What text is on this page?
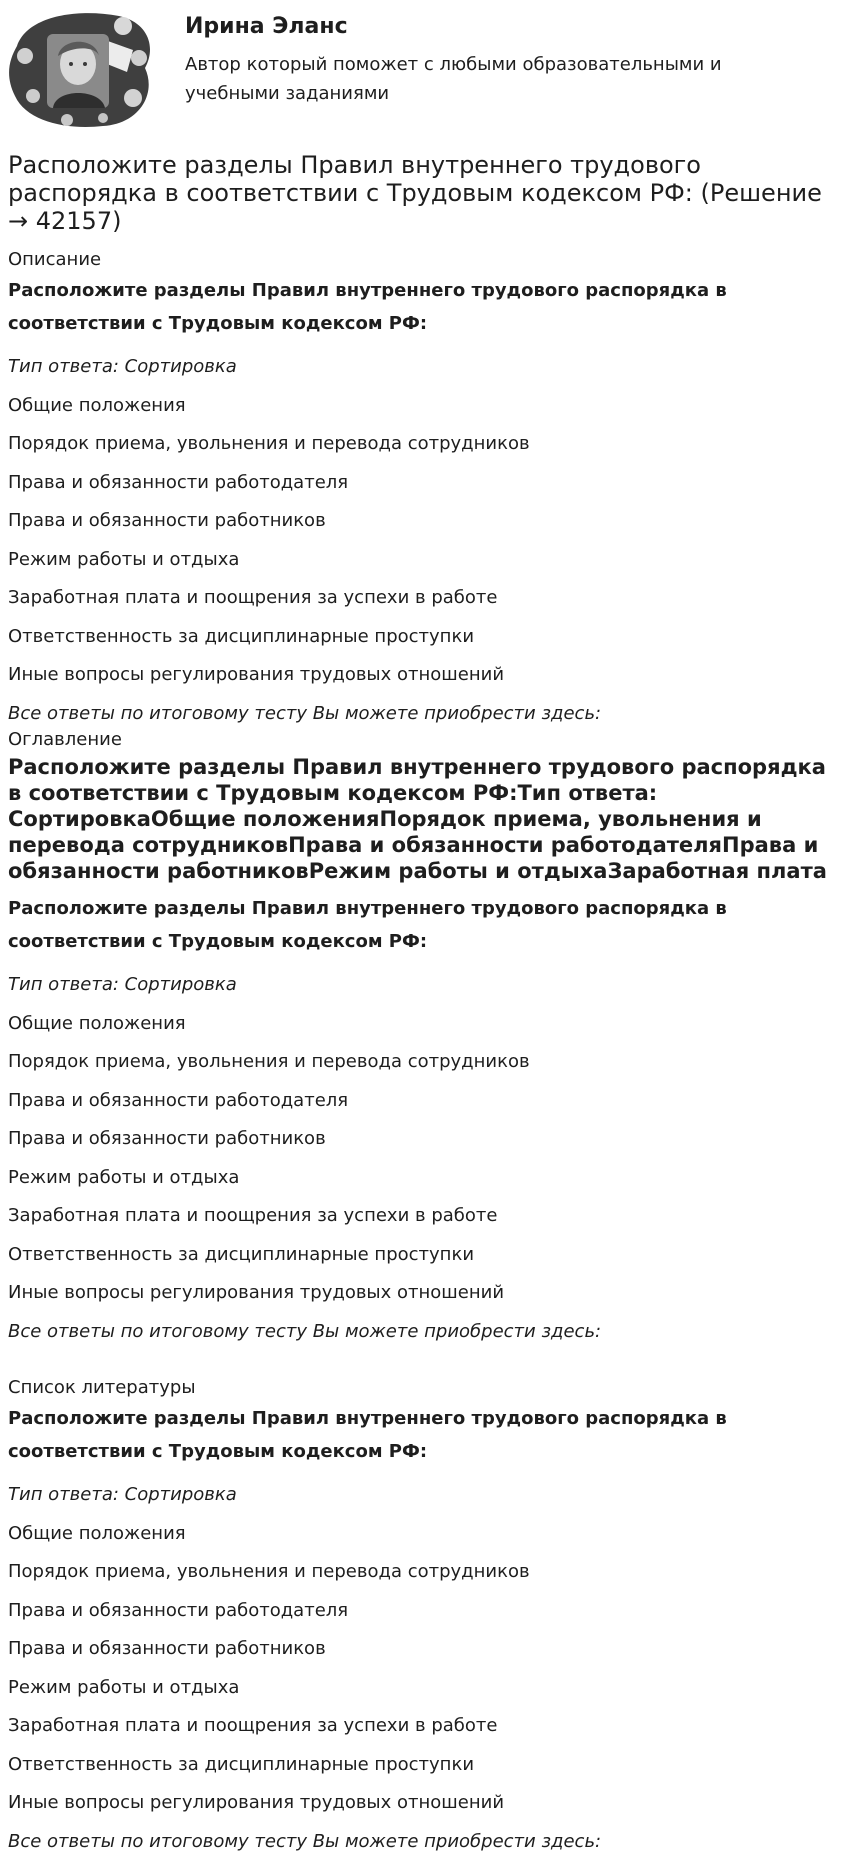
Ирина Эланс
Автор который поможет с любыми образовательными и учебными заданиями
Расположите разделы Правил внутреннего трудового распорядка в соответствии с Трудовым кодексом РФ: (Решение → 42157)
Описание

Расположите разделы Правил внутреннего трудового распорядка в соответствии с Трудовым кодексом РФ:

Тип ответа: Сортировка

Общие положения

Порядок приема, увольнения и перевода сотрудников

Права и обязанности работодателя

Права и обязанности работников

Режим работы и отдыха

Заработная плата и поощрения за успехи в работе

Ответственность за дисциплинарные проступки

Иные вопросы регулирования трудовых отношений

Все ответы по итоговому тесту Вы можете приобрести здесь:

Оглавление

Расположите разделы Правил внутреннего трудового распорядка в соответствии с Трудовым кодексом РФ:Тип ответа: СортировкаОбщие положенияПорядок приема, увольнения и перевода сотрудниковПрава и обязанности работодателяПрава и обязанности работниковРежим работы и отдыхаЗаработная плата

Расположите разделы Правил внутреннего трудового распорядка в соответствии с Трудовым кодексом РФ:

Тип ответа: Сортировка

Общие положения

Порядок приема, увольнения и перевода сотрудников

Права и обязанности работодателя

Права и обязанности работников

Режим работы и отдыха

Заработная плата и поощрения за успехи в работе

Ответственность за дисциплинарные проступки

Иные вопросы регулирования трудовых отношений

Все ответы по итоговому тесту Вы можете приобрести здесь:

Список литературы

Расположите разделы Правил внутреннего трудового распорядка в соответствии с Трудовым кодексом РФ:

Тип ответа: Сортировка

Общие положения

Порядок приема, увольнения и перевода сотрудников

Права и обязанности работодателя

Права и обязанности работников

Режим работы и отдыха

Заработная плата и поощрения за успехи в работе

Ответственность за дисциплинарные проступки

Иные вопросы регулирования трудовых отношений

Все ответы по итоговому тесту Вы можете приобрести здесь:
